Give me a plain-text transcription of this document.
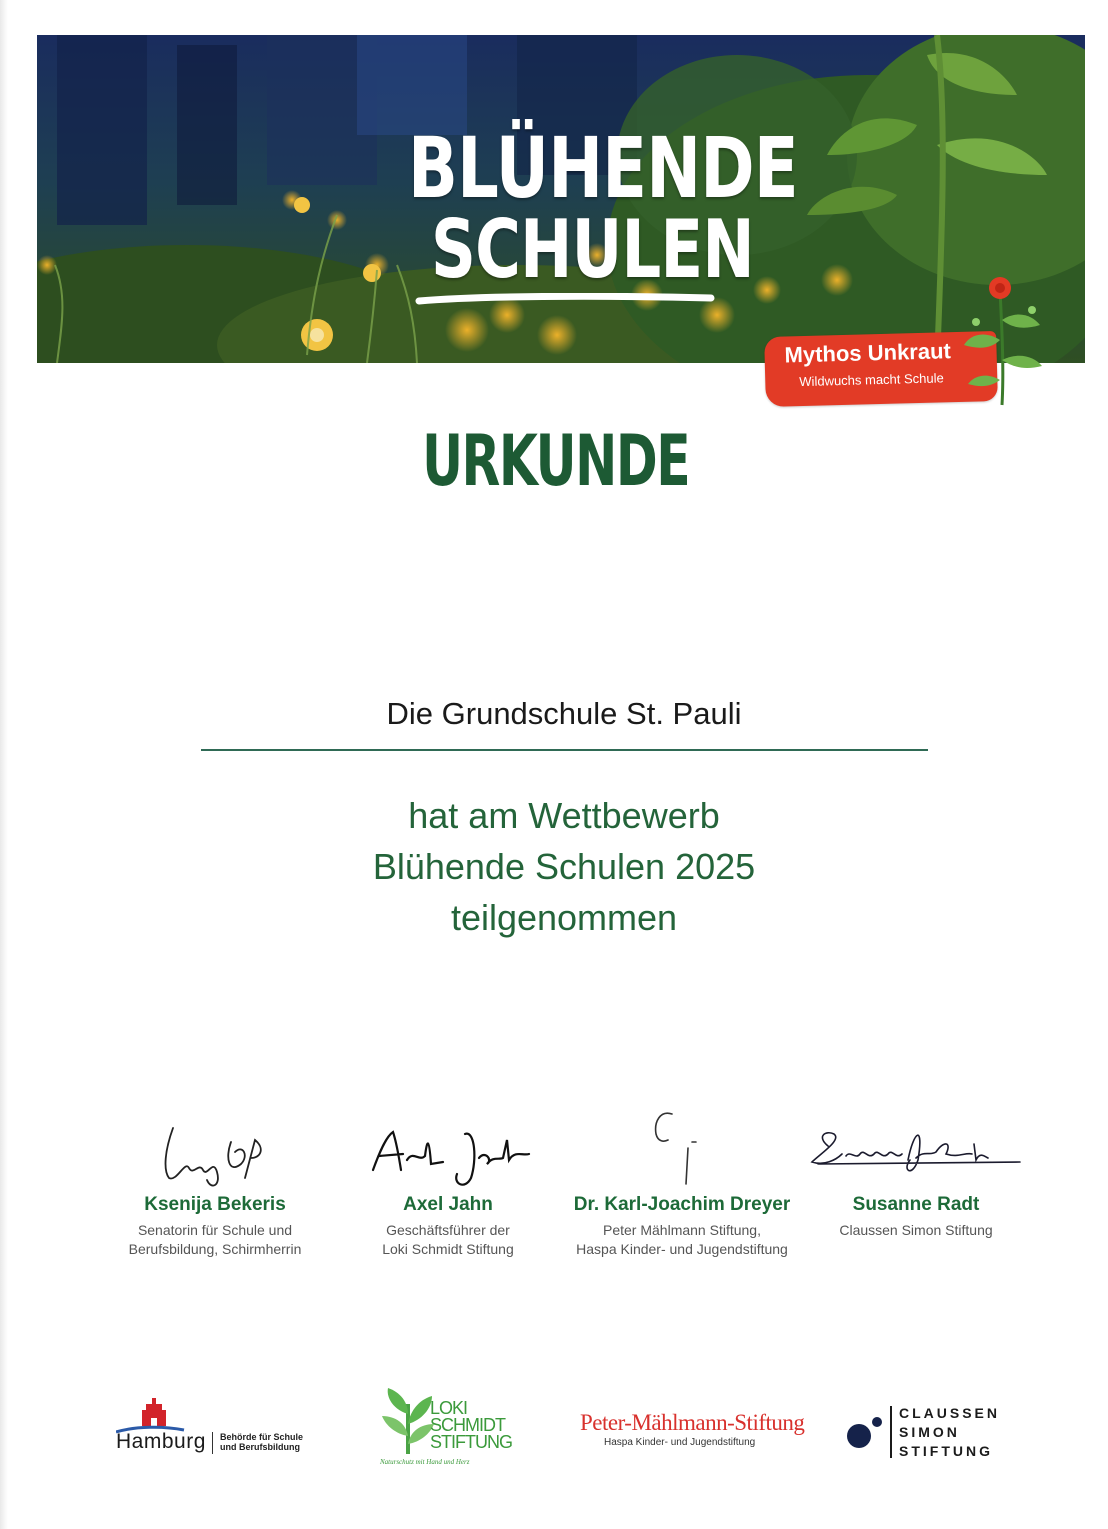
BLÜHENDE
SCHULEN
Mythos Unkraut
Wildwuchs macht Schule
URKUNDE
Die Grundschule St. Pauli
hat am Wettbewerb
Blühende Schulen 2025
teilgenommen
Ksenija Bekeris
Senatorin für Schule und
Berufsbildung, Schirmherrin
Axel Jahn
Geschäftsführer der
Loki Schmidt Stiftung
Dr. Karl-Joachim Dreyer
Peter Mählmann Stiftung,
Haspa Kinder- und Jugendstiftung
Susanne Radt
Claussen Simon Stiftung
Hamburg Behörde für Schule
und Berufsbildung
LOKI
SCHMIDT
STIFTUNG
Naturschutz mit Hand und Herz
Peter-Mählmann-Stiftung
Haspa Kinder- und Jugendstiftung
CLAUSSEN
SIMON
STIFTUNG
